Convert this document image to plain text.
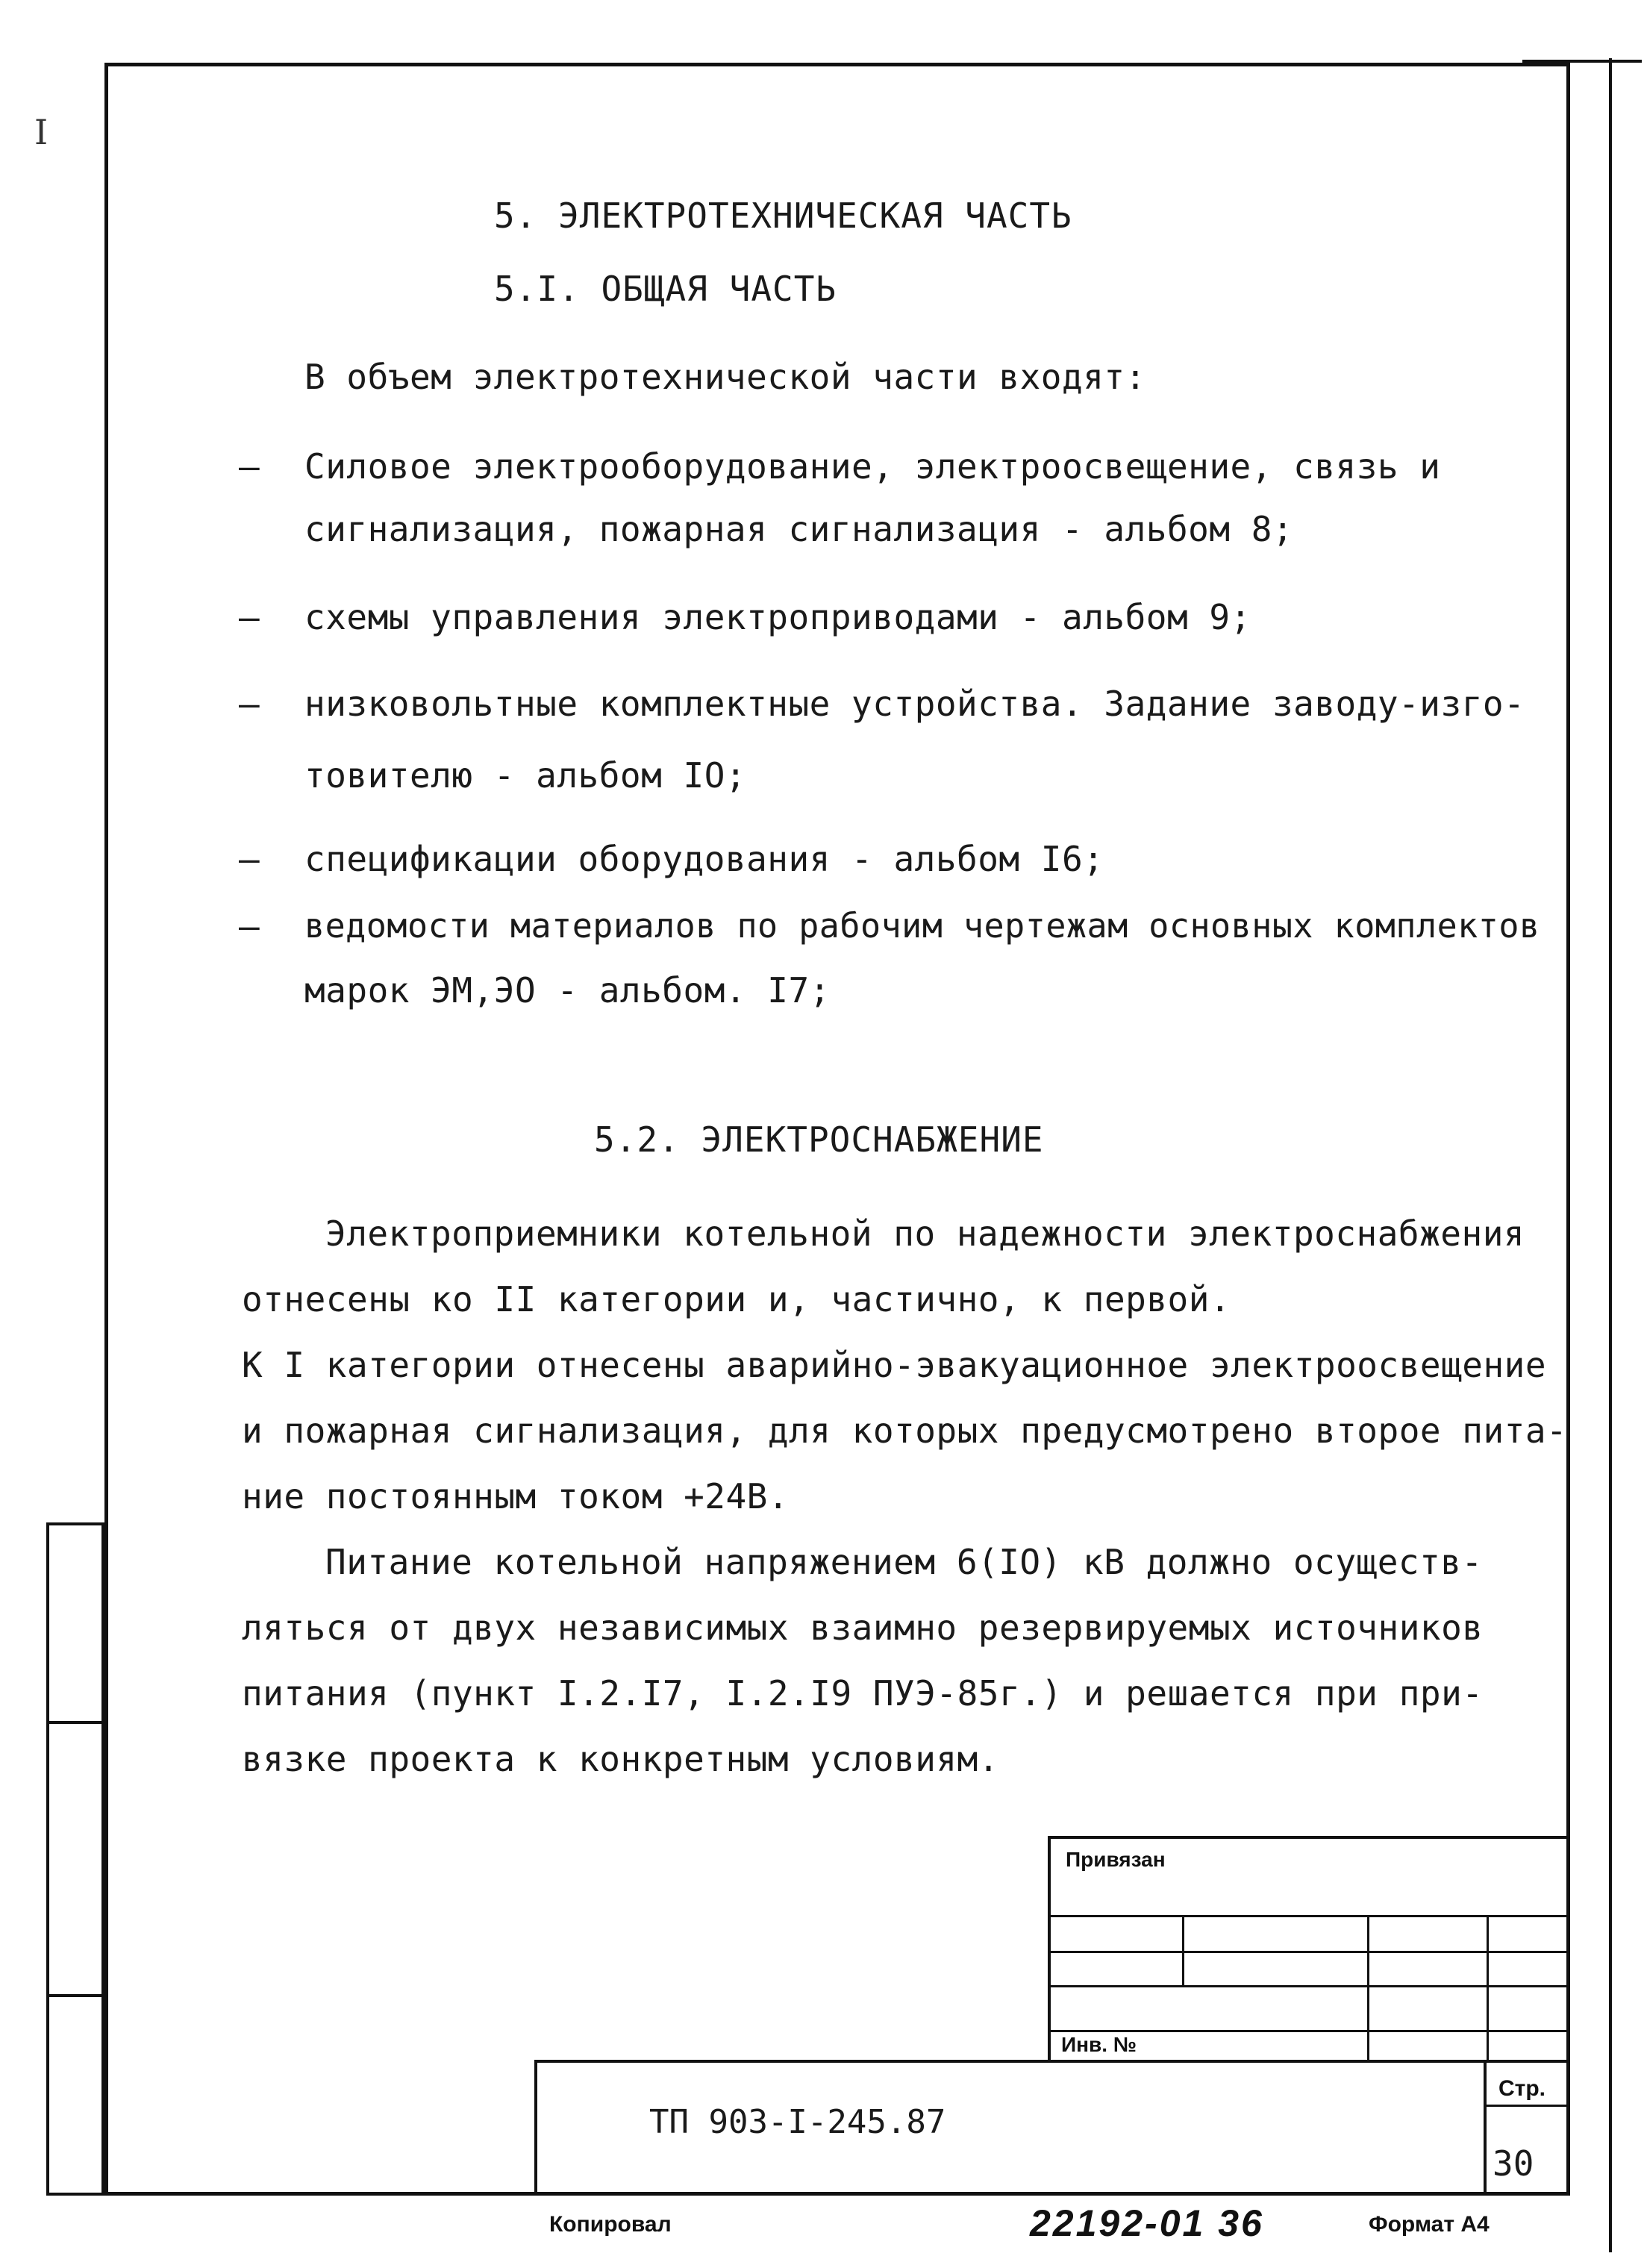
I
5. ЭЛЕКТРОТЕХНИЧЕСКАЯ ЧАСТЬ
5.I. ОБЩАЯ ЧАСТЬ
В объем электротехнической части входят:
– Силовое электрооборудование, электроосвещение, связь и
сигнализация, пожарная сигнализация - альбом 8;
– схемы управления электроприводами - альбом 9;
– низковольтные комплектные устройства. Задание заводу-изго-
товителю - альбом IO;
– спецификации оборудования - альбом I6;
– ведомости материалов по рабочим чертежам основных комплектов
марок ЭМ,ЭО - альбом. I7;
5.2. ЭЛЕКТРОСНАБЖЕНИЕ
Электроприемники котельной по надежности электроснабжения
отнесены ко II категории и, частично, к первой.
К I категории отнесены аварийно-эвакуационное электроосвещение
и пожарная сигнализация, для которых предусмотрено второе пита-
ние постоянным током +24В.
Питание котельной напряжением 6(IO) кВ должно осуществ-
ляться от двух независимых взаимно резервируемых источников
питания (пункт I.2.I7, I.2.I9 ПУЭ-85г.) и решается при при-
вязке проекта к конкретным условиям.
Привязан
Инв. №
Стр.
ТП 903-I-245.87
30
Копировал	22192-01 36	Формат А4
